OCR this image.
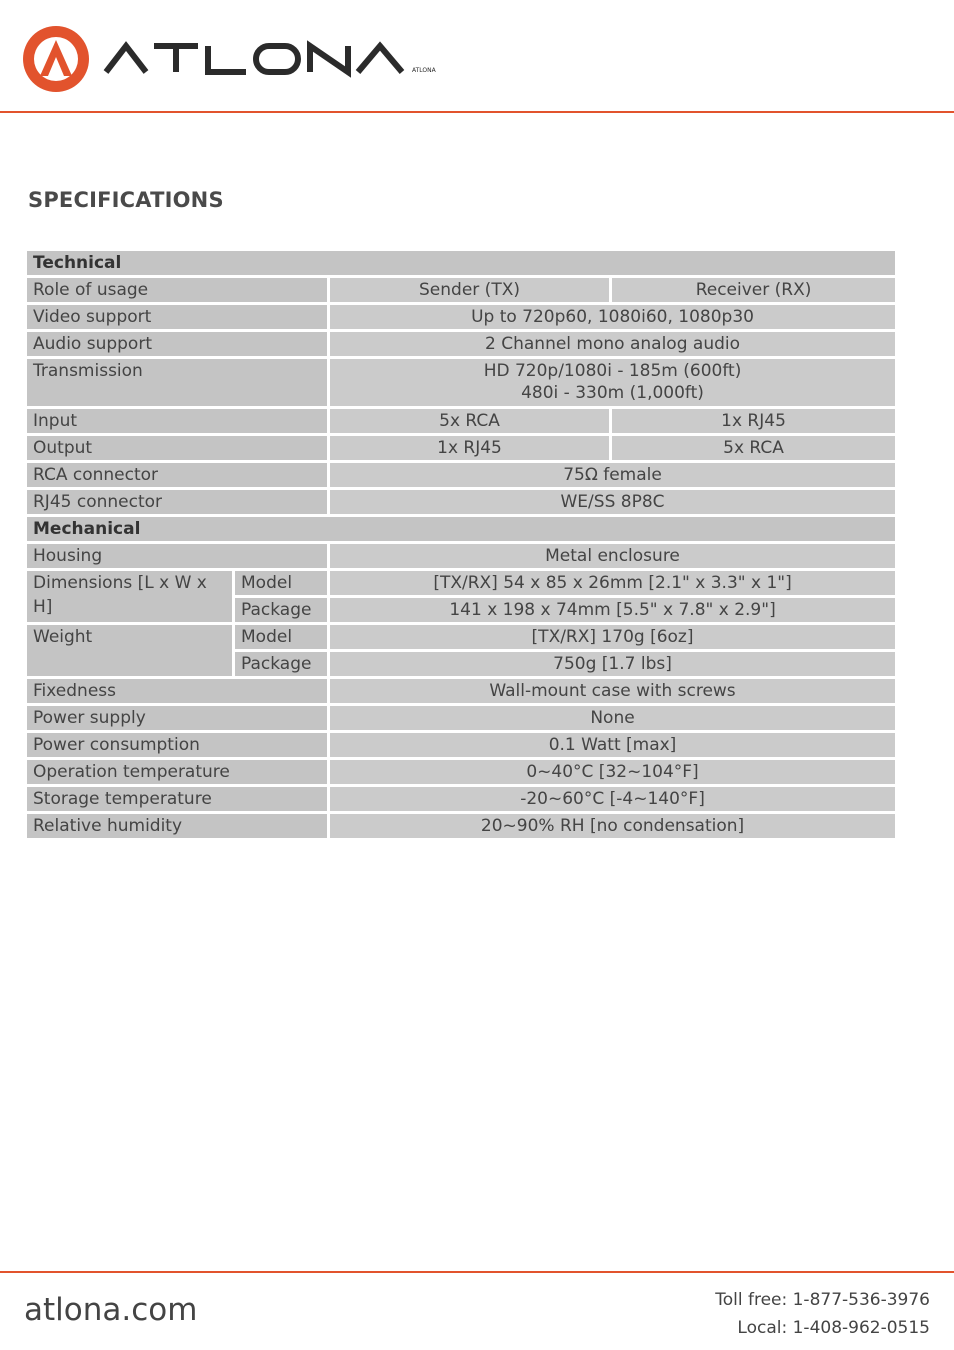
ATLONA
SPECIFICATIONS
Technical			
Role of usage		Sender (TX)	Receiver (RX)
Video support		Up to 720p60, 1080i60, 1080p30	
Audio support		2 Channel mono analog audio	
Transmission		HD 720p/1080i - 185m (600ft)
480i - 330m (1,000ft)	

Input		5x RCA	1x RJ45
Output		1x RJ45	5x RCA
RCA connector		75Ω female	
RJ45 connector		WE/SS 8P8C	
Mechanical			
Housing		Metal enclosure	
Dimensions [L x W x H]	Model	[TX/RX] 54 x 85 x 26mm [2.1" x 3.3" x 1"]	
	Package	141 x 198 x 74mm [5.5" x 7.8" x 2.9"]	
Weight	Model	[TX/RX] 170g [6oz]	
	Package	750g [1.7 lbs]	
Fixedness		Wall-mount case with screws	
Power supply		None	
Power consumption		0.1 Watt [max]	
Operation temperature		0~40°C [32~104°F]	
Storage temperature		-20~60°C [-4~140°F]	
Relative humidity		20~90% RH [no condensation]	
atlona.com	Toll free: 1-877-536-3976
Local: 1-408-962-0515
